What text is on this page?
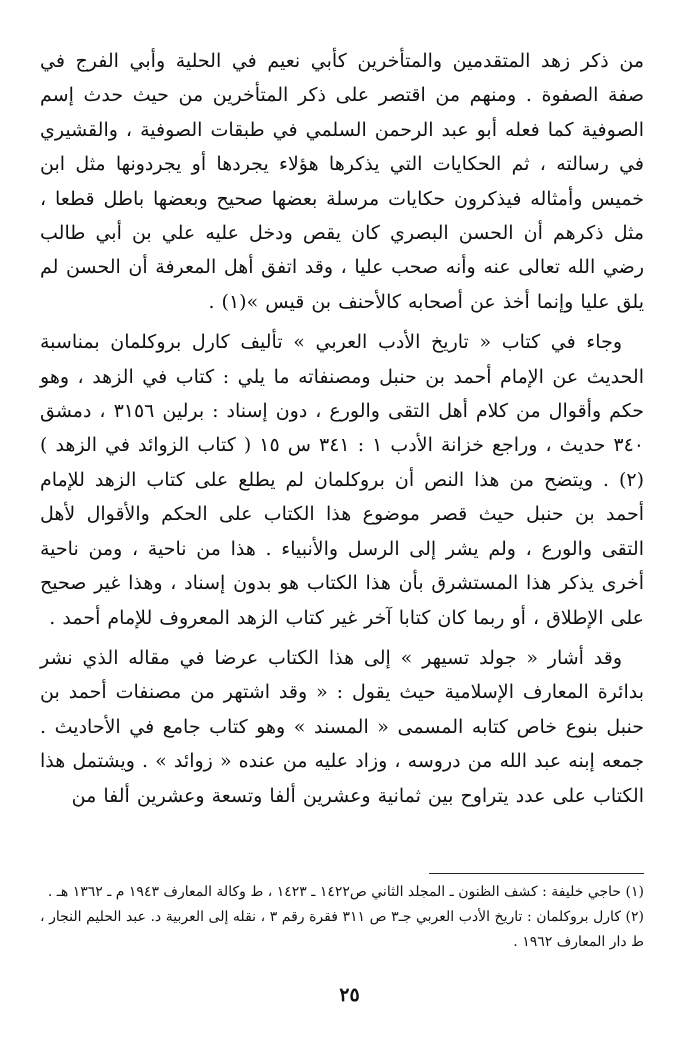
من ذكر زهد المتقدمين والمتأخرين كأبي نعيم في الحلية وأبي الفرج في صفة الصفوة . ومنهم من اقتصر على ذكر المتأخرين من حيث حدث إسم الصوفية كما فعله أبو عبد الرحمن السلمي في طبقات الصوفية ، والقشيري في رسالته ، ثم الحكايات التي يذكرها هؤلاء يجردها أو يجردونها مثل ابن خميس وأمثاله فيذكرون حكايات مرسلة بعضها صحيح وبعضها باطل قطعا ، مثل ذكرهم أن الحسن البصري كان يقص ودخل عليه علي بن أبي طالب رضي الله تعالى عنه وأنه صحب عليا ، وقد اتفق أهل المعرفة أن الحسن لم يلق عليا وإنما أخذ عن أصحابه كالأحنف بن قيس »(١) .

وجاء في كتاب « تاريخ الأدب العربي » تأليف كارل بروكلمان بمناسبة الحديث عن الإمام أحمد بن حنبل ومصنفاته ما يلي : كتاب في الزهد ، وهو حكم وأقوال من كلام أهل التقى والورع ، دون إسناد : برلين ٣١٥٦ ، دمشق ٣٤٠ حديث ، وراجع خزانة الأدب ١ : ٣٤١ س ١٥ ( كتاب الزوائد في الزهد )(٢) . ويتضح من هذا النص أن بروكلمان لم يطلع على كتاب الزهد للإمام أحمد بن حنبل حيث قصر موضوع هذا الكتاب على الحكم والأقوال لأهل التقى والورع ، ولم يشر إلى الرسل والأنبياء . هذا من ناحية ، ومن ناحية أخرى يذكر هذا المستشرق بأن هذا الكتاب هو بدون إسناد ، وهذا غير صحيح على الإطلاق ، أو ربما كان كتابا آخر غير كتاب الزهد المعروف للإمام أحمد .

وقد أشار « جولد تسيهر » إلى هذا الكتاب عرضا في مقاله الذي نشر بدائرة المعارف الإسلامية حيث يقول : « وقد اشتهر من مصنفات أحمد بن حنبل بنوع خاص كتابه المسمى « المسند » وهو كتاب جامع في الأحاديث . جمعه إبنه عبد الله من دروسه ، وزاد عليه من عنده « زوائد » . ويشتمل هذا الكتاب على عدد يتراوح بين ثمانية وعشرين ألفا وتسعة وعشرين ألفا من

(١) حاجي خليفة : كشف الظنون ـ المجلد الثاني ص١٤٢٢ ـ ١٤٢٣ ، ط وكالة المعارف ١٩٤٣ م ـ ١٣٦٢ هـ .

(٢) كارل بروكلمان : تاريخ الأدب العربي جـ٣ ص ٣١١ فقرة رقم ٣ ، نقله إلى العربية د. عبد الحليم النجار ، ط دار المعارف ١٩٦٢ .

٢٥
